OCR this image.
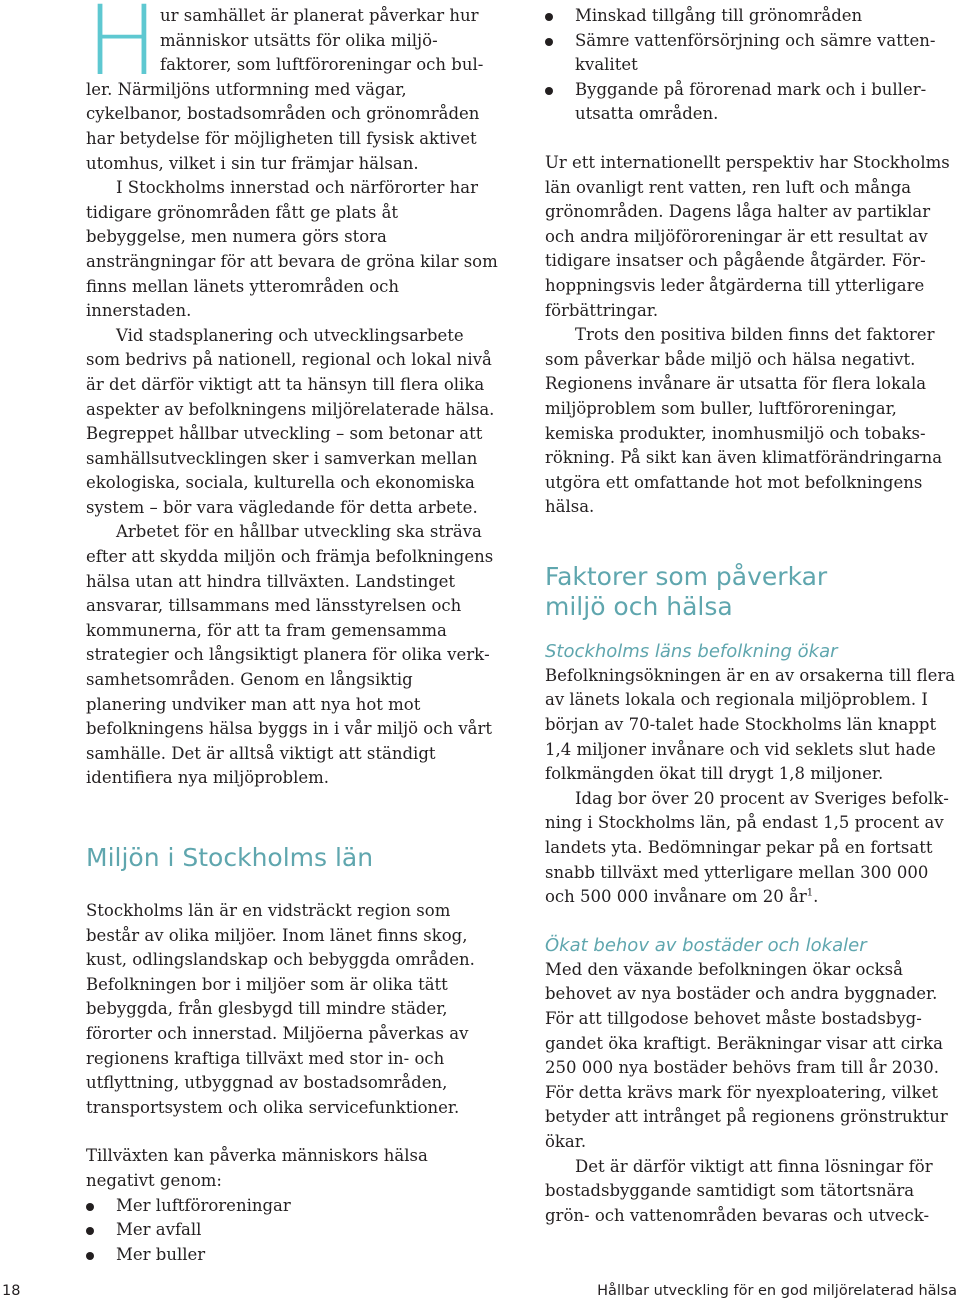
H ur samhället är planerat påverkar hur
människor utsätts för olika miljö-
faktorer, som luftföroreningar och bul-

ler. Närmiljöns utformning med vägar, cykelbanor, bostadsområden och grönområden har betydelse för möjligheten till fysisk aktivet utomhus, vilket i sin tur främjar hälsan.

I Stockholms innerstad och närförorter har tidigare grönområden fått ge plats åt bebyggelse, men numera görs stora ansträngningar för att bevara de gröna kilar som finns mellan länets ytterområden och innerstaden.

Vid stadsplanering och utvecklingsarbete som bedrivs på nationell, regional och lokal nivå är det därför viktigt att ta hänsyn till flera olika aspekter av befolkningens miljörelaterade hälsa. Begreppet hållbar utveckling – som betonar att samhällsutvecklingen sker i samverkan mellan ekologiska, sociala, kulturella och ekonomiska system – bör vara vägledande för detta arbete.

Arbetet för en hållbar utveckling ska sträva efter att skydda miljön och främja befolkningens hälsa utan att hindra tillväxten. Landstinget ansvarar, tillsammans med länsstyrelsen och kommunerna, för att ta fram gemensamma strategier och långsiktigt planera för olika verksamhetsområden. Genom en långsiktig planering undviker man att nya hot mot befolkningens hälsa byggs in i vår miljö och vårt samhälle. Det är alltså viktigt att ständigt identifiera nya miljöproblem.

Miljön i Stockholms län

Stockholms län är en vidsträckt region som består av olika miljöer. Inom länet finns skog, kust, odlingslandskap och bebyggda områden. Befolkningen bor i miljöer som är olika tätt bebyggda, från glesbygd till mindre städer, förorter och innerstad. Miljöerna påverkas av regionens kraftiga tillväxt med stor in- och utflyttning, utbyggnad av bostadsområden, transportsystem och olika servicefunktioner.

Tillväxten kan påverka människors hälsa negativt genom:

Mer luftföroreningar
Mer avfall
Mer buller
Minskad tillgång till grönområden
Sämre vattenförsörjning och sämre vattenkvalitet
Byggande på förorenad mark och i bullerutsatta områden.

Ur ett internationellt perspektiv har Stockholms län ovanligt rent vatten, ren luft och många grönområden. Dagens låga halter av partiklar och andra miljöföroreningar är ett resultat av tidigare insatser och pågående åtgärder. Förhoppningsvis leder åtgärderna till ytterligare förbättringar.

Trots den positiva bilden finns det faktorer som påverkar både miljö och hälsa negativt. Regionens invånare är utsatta för flera lokala miljöproblem som buller, luftföroreningar, kemiska produkter, inomhusmiljö och tobaksrökning. På sikt kan även klimatförändringarna utgöra ett omfattande hot mot befolkningens hälsa.

Faktorer som påverkar
miljö och hälsa
Stockholms läns befolkning ökar

Befolkningsökningen är en av orsakerna till flera av länets lokala och regionala miljöproblem. I början av 70-talet hade Stockholms län knappt 1,4 miljoner invånare och vid seklets slut hade folkmängden ökat till drygt 1,8 miljoner.

Idag bor över 20 procent av Sveriges befolkning i Stockholms län, på endast 1,5 procent av landets yta. Bedömningar pekar på en fortsatt snabb tillväxt med ytterligare mellan 300 000 och 500 000 invånare om 20 $år^1$.

Ökat behov av bostäder och lokaler

Med den växande befolkningen ökar också behovet av nya bostäder och andra byggnader. För att tillgodose behovet måste bostadsbyggandet öka kraftigt. Beräkningar visar att cirka 250 000 nya bostäder behövs fram till år 2030. För detta krävs mark för nyexploatering, vilket betyder att intrånget på regionens grönstruktur ökar.

Det är därför viktigt att finna lösningar för bostadsbyggande samtidigt som tätortsnära grön- och vattenområden bevaras och utveck-

18	Hållbar utveckling för en god miljörelaterad hälsa
